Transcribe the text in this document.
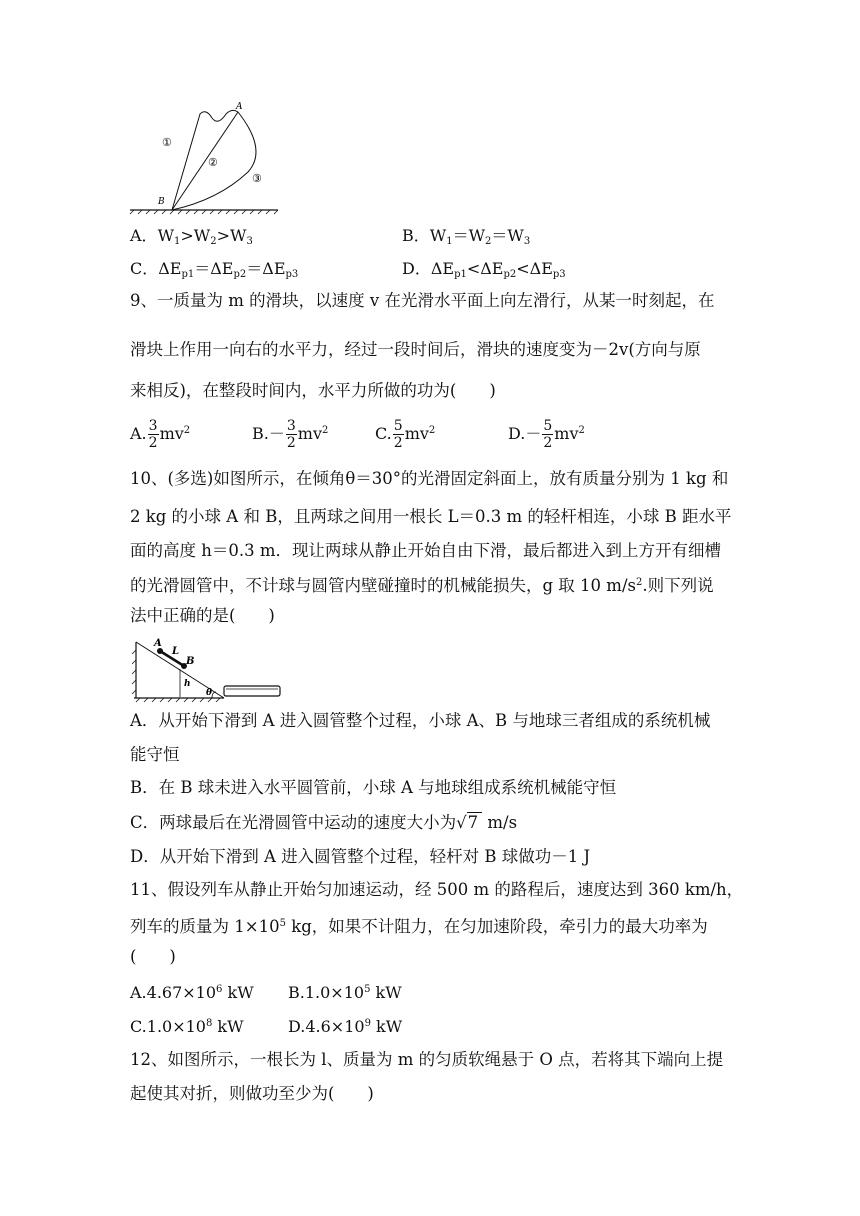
A
B
①
②
③
A．$W_1>W_2>W_3$	B．$W_1=W_2=W_3$
C．$\Delta E_{p1}=\Delta E_{p2}=\Delta E_{p3}$	D．$\Delta E_{p1}<\Delta E_{p2}<\Delta E_{p3}$
9、一质量为 m 的滑块，以速度 v 在光滑水平面上向左滑行，从某一时刻起，在
滑块上作用一向右的水平力，经过一段时间后，滑块的速度变为－2v(方向与原
来相反)，在整段时间内，水平力所做的功为(　　)
A. $\frac{3}{2} mv^2$	$B.- \frac{3}{2} mv^2$	C. $\frac{5}{2} mv^2$	$D.- \frac{5}{2} mv^2$
10、(多选)如图所示，在倾角θ＝30°的光滑固定斜面上，放有质量分别为 1 kg 和
2 kg 的小球 A 和 B，且两球之间用一根长 L＝0.3 m 的轻杆相连，小球 B 距水平
面的高度 h＝0.3 m．现让两球从静止开始自由下滑，最后都进入到上方开有细槽
的光滑圆管中，不计球与圆管内壁碰撞时的机械能损失，g 取 10 $m/s^2$.则下列说
法中正确的是(　　)
A
L
B
h
θ
A．从开始下滑到 A 进入圆管整个过程，小球 A、B 与地球三者组成的系统机械
能守恒
B．在 B 球未进入水平圆管前，小球 A 与地球组成系统机械能守恒
C．两球最后在光滑圆管中运动的速度大小为√7 m/s
D．从开始下滑到 A 进入圆管整个过程，轻杆对 B 球做功－1 J
11、假设列车从静止开始匀加速运动，经 500 m 的路程后，速度达到 360 km/h，
列车的质量为 $1\times 10^5$ kg，如果不计阻力，在匀加速阶段，牵引力的最大功率为
(　　)
$A.4.67\times 10^6$ kW $B.1.0\times 10^5$ kW
$C.1.0\times 10^8$ kW	$D.4.6\times 10^9$ kW
12、如图所示，一根长为 l、质量为 m 的匀质软绳悬于 O 点，若将其下端向上提
起使其对折，则做功至少为(　　)
